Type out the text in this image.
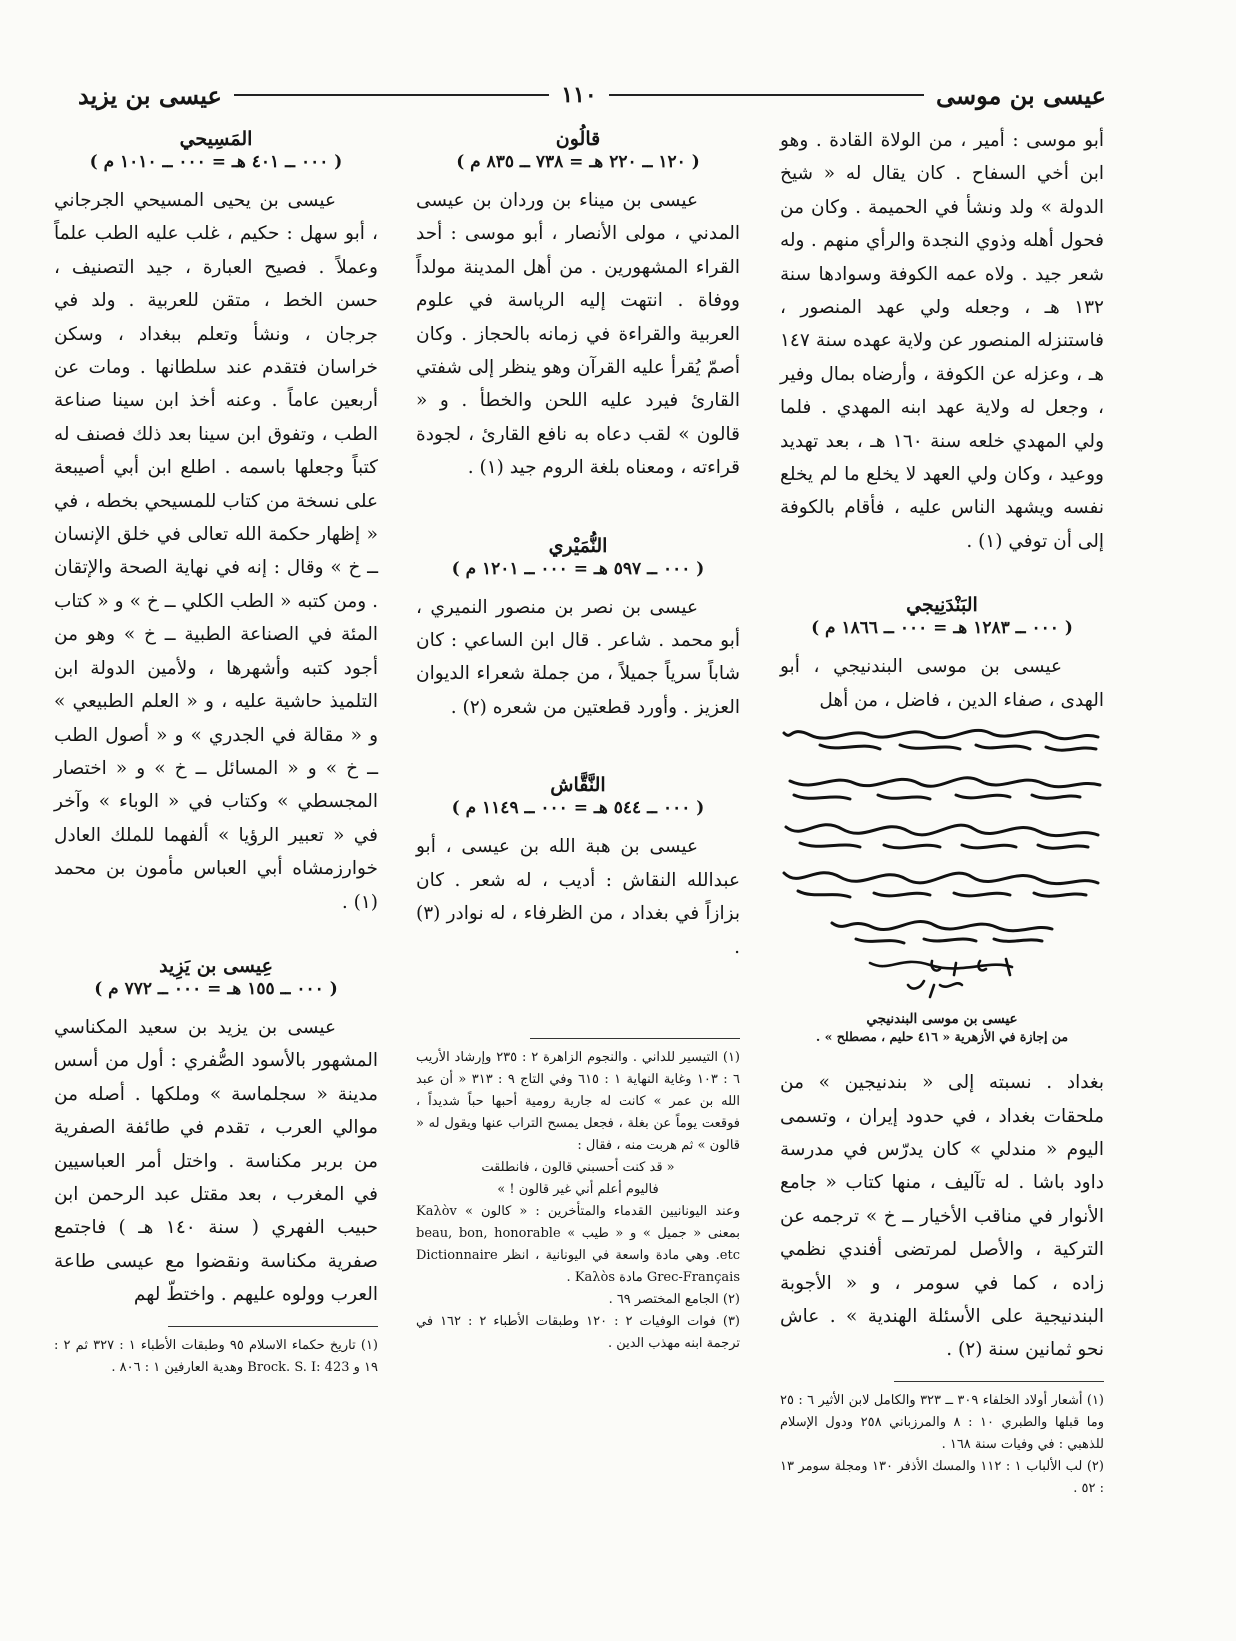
عيسى بن موسى
١١٠
عيسى بن يزيد

أبو موسى : أمير ، من الولاة القادة . وهو ابن أخي السفاح . كان يقال له « شيخ الدولة » ولد ونشأ في الحميمة . وكان من فحول أهله وذوي النجدة والرأي منهم . وله شعر جيد . ولاه عمه الكوفة وسوادها سنة ١٣٢ هـ ، وجعله ولي عهد المنصور ، فاستنزله المنصور عن ولاية عهده سنة ١٤٧ هـ ، وعزله عن الكوفة ، وأرضاه بمال وفير ، وجعل له ولاية عهد ابنه المهدي . فلما ولي المهدي خلعه سنة ١٦٠ هـ ، بعد تهديد ووعيد ، وكان ولي العهد لا يخلع ما لم يخلع نفسه ويشهد الناس عليه ، فأقام بالكوفة إلى أن توفي (١) .

البَنْدَنِيجي
( ٠٠٠ ــ ١٢٨٣ هـ = ٠٠٠ ــ ١٨٦٦ م )

عيسى بن موسى البندنيجي ، أبو الهدى ، صفاء الدين ، فاضل ، من أهل

عيسى بن موسى البندنيجي
من إجازة في الأزهرية « ٤١٦ حليم ، مصطلح » .

بغداد . نسبته إلى « بندنيجين » من ملحقات بغداد ، في حدود إيران ، وتسمى اليوم « مندلي » كان يدرّس في مدرسة داود باشا . له تآليف ، منها كتاب « جامع الأنوار في مناقب الأخيار ــ خ » ترجمه عن التركية ، والأصل لمرتضى أفندي نظمي زاده ، كما في سومر ، و « الأجوبة البندنيجية على الأسئلة الهندية » . عاش نحو ثمانين سنة (٢) .

(١) أشعار أولاد الخلفاء ٣٠٩ ــ ٣٢٣ والكامل لابن الأثير ٦ : ٢٥ وما قبلها والطبري ١٠ : ٨ والمرزباني ٢٥٨ ودول الإسلام للذهبي : في وفيات سنة ١٦٨ .

(٢) لب الألباب ١ : ١١٢ والمسك الأذفر ١٣٠ ومجلة سومر ١٣ : ٥٢ .

قالُون
( ١٢٠ ــ ٢٢٠ هـ = ٧٣٨ ــ ٨٣٥ م )

عيسى بن ميناء بن وردان بن عيسى المدني ، مولى الأنصار ، أبو موسى : أحد القراء المشهورين . من أهل المدينة مولداً ووفاة . انتهت إليه الرياسة في علوم العربية والقراءة في زمانه بالحجاز . وكان أصمّ يُقرأ عليه القرآن وهو ينظر إلى شفتي القارئ فيرد عليه اللحن والخطأ . و « قالون » لقب دعاه به نافع القارئ ، لجودة قراءته ، ومعناه بلغة الروم جيد (١) .

النُّمَيْري
( ٠٠٠ ــ ٥٩٧ هـ = ٠٠٠ ــ ١٢٠١ م )

عيسى بن نصر بن منصور النميري ، أبو محمد . شاعر . قال ابن الساعي : كان شاباً سرياً جميلاً ، من جملة شعراء الديوان العزيز . وأورد قطعتين من شعره (٢) .

النَّقَّاش
( ٠٠٠ ــ ٥٤٤ هـ = ٠٠٠ ــ ١١٤٩ م )

عيسى بن هبة الله بن عيسى ، أبو عبدالله النقاش : أديب ، له شعر . كان بزازاً في بغداد ، من الظرفاء ، له نوادر (٣) .

(١) التيسير للداني . والنجوم الزاهرة ٢ : ٢٣٥ وإرشاد الأريب ٦ : ١٠٣ وغاية النهاية ١ : ٦١٥ وفي التاج ٩ : ٣١٣ « أن عبد الله بن عمر » كانت له جارية رومية أحبها حباً شديداً ، فوقعت يوماً عن بغلة ، فجعل يمسح التراب عنها ويقول له « قالون » ثم هربت منه ، فقال :

« قد كنت أحسبني قالون ، فانطلقت

فاليوم أعلم أني غير قالون ! »

وعند اليونانيين القدماء والمتأخرين : « كالون » Kaλòv بمعنى « جميل » و « طيب » beau, bon, honorable etc. وهي مادة واسعة في اليونانية ، انظر Dictionnaire Grec-Français مادة Kaλòs .

(٢) الجامع المختصر ٦٩ .

(٣) فوات الوفيات ٢ : ١٢٠ وطبقات الأطباء ٢ : ١٦٢ في ترجمة ابنه مهذب الدين .

المَسِيحي
( ٠٠٠ ــ ٤٠١ هـ = ٠٠٠ ــ ١٠١٠ م )

عيسى بن يحيى المسيحي الجرجاني ، أبو سهل : حكيم ، غلب عليه الطب علماً وعملاً . فصيح العبارة ، جيد التصنيف ، حسن الخط ، متقن للعربية . ولد في جرجان ، ونشأ وتعلم ببغداد ، وسكن خراسان فتقدم عند سلطانها . ومات عن أربعين عاماً . وعنه أخذ ابن سينا صناعة الطب ، وتفوق ابن سينا بعد ذلك فصنف له كتباً وجعلها باسمه . اطلع ابن أبي أصيبعة على نسخة من كتاب للمسيحي بخطه ، في « إظهار حكمة الله تعالى في خلق الإنسان ــ خ » وقال : إنه في نهاية الصحة والإتقان . ومن كتبه « الطب الكلي ــ خ » و « كتاب المئة في الصناعة الطبية ــ خ » وهو من أجود كتبه وأشهرها ، ولأمين الدولة ابن التلميذ حاشية عليه ، و « العلم الطبيعي » و « مقالة في الجدري » و « أصول الطب ــ خ » و « المسائل ــ خ » و « اختصار المجسطي » وكتاب في « الوباء » وآخر في « تعبير الرؤيا » ألفهما للملك العادل خوارزمشاه أبي العباس مأمون بن محمد (١) .

عِيسى بن يَزِيد
( ٠٠٠ ــ ١٥٥ هـ = ٠٠٠ ــ ٧٧٢ م )

عيسى بن يزيد بن سعيد المكناسي المشهور بالأسود الصُّفري : أول من أسس مدينة « سجلماسة » وملكها . أصله من موالي العرب ، تقدم في طائفة الصفرية من بربر مكناسة . واختل أمر العباسيين في المغرب ، بعد مقتل عبد الرحمن ابن حبيب الفهري ( سنة ١٤٠ هـ ) فاجتمع صفرية مكناسة ونقضوا مع عيسى طاعة العرب وولوه عليهم . واختطّ لهم

(١) تاريخ حكماء الاسلام ٩٥ وطبقات الأطباء ١ : ٣٢٧ ثم ٢ : ١٩ و Brock. S. I: 423 وهدية العارفين ١ : ٨٠٦ .
